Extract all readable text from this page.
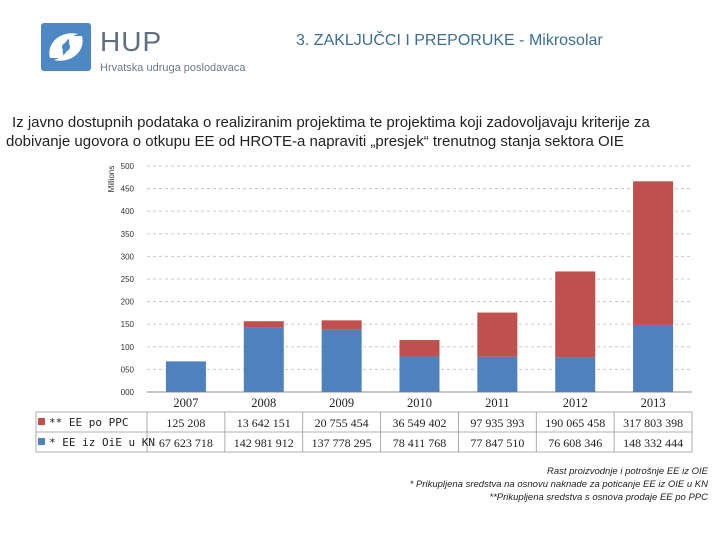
HUP
Hrvatska udruga poslodavaca
3. ZAKLJUČCI I PREPORUKE - Mikrosolar
Iz javno dostupnih podataka o realiziranim projektima te projektima koji zadovoljavaju kriterije za
dobivanje ugovora o otkupu EE od HROTE-a napraviti „presjek“ trenutnog stanja sektora OIE
000
050
100
150
200
250
300
350
400
450
500
Millions
2007
125 208
67 623 718
2008
13 642 151
142 981 912
2009
20 755 454
137 778 295
2010
36 549 402
78 411 768
2011
97 935 393
77 847 510
2012
190 065 458
76 608 346
2013
317 803 398
148 332 444
** EE po PPC
* EE iz OiE u KN
Rast proizvodnje i potrošnje EE iz OIE
* Prikupljena sredstva na osnovu naknade za poticanje EE iz OIE u KN
**Prikupljena sredstva s osnova prodaje EE po PPC
